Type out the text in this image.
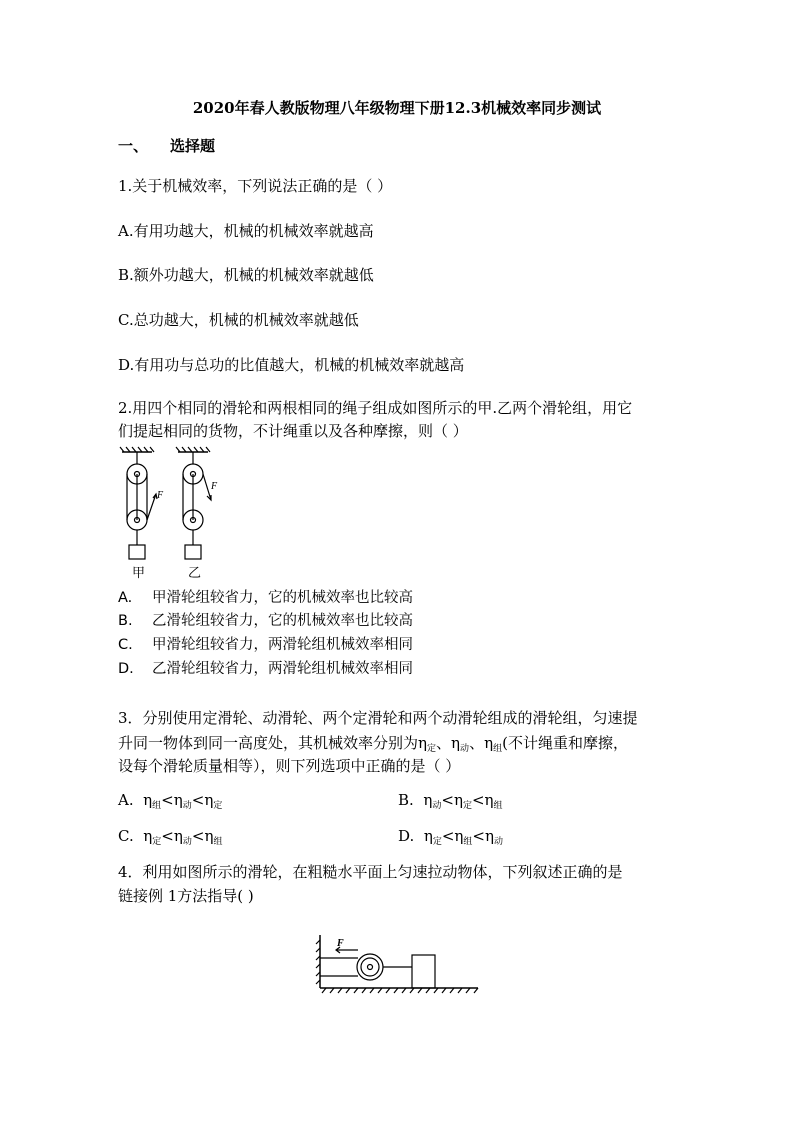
2020年春人教版物理八年级物理下册12.3机械效率同步测试
一、 选择题
1.关于机械效率，下列说法正确的是（ ）
A.有用功越大，机械的机械效率就越高
B.额外功越大，机械的机械效率就越低
C.总功越大，机械的机械效率就越低
D.有用功与总功的比值越大，机械的机械效率就越高
2.用四个相同的滑轮和两根相同的绳子组成如图所示的甲.乙两个滑轮组，用它
们提起相同的货物，不计绳重以及各种摩擦，则（ ）
F
F
甲	乙
A. 甲滑轮组较省力，它的机械效率也比较高
B. 乙滑轮组较省力，它的机械效率也比较高
C. 甲滑轮组较省力，两滑轮组机械效率相同
D. 乙滑轮组较省力，两滑轮组机械效率相同
3．分别使用定滑轮、动滑轮、两个定滑轮和两个动滑轮组成的滑轮组，匀速提
升同一物体到同一高度处，其机械效率分别为$\eta_定$、$\eta_动$、$\eta_组$(不计绳重和摩擦，
设每个滑轮质量相等），则下列选项中正确的是（ ）
A. $\eta_组<\eta_动<\eta_定$	B. $\eta_动<\eta_定<\eta_组$
C. $\eta_定<\eta_动<\eta_组$	D. $\eta_定<\eta_组<\eta_动$
4．利用如图所示的滑轮，在粗糙水平面上匀速拉动物体，下列叙述正确的是
链接例 1方法指导( )
F
